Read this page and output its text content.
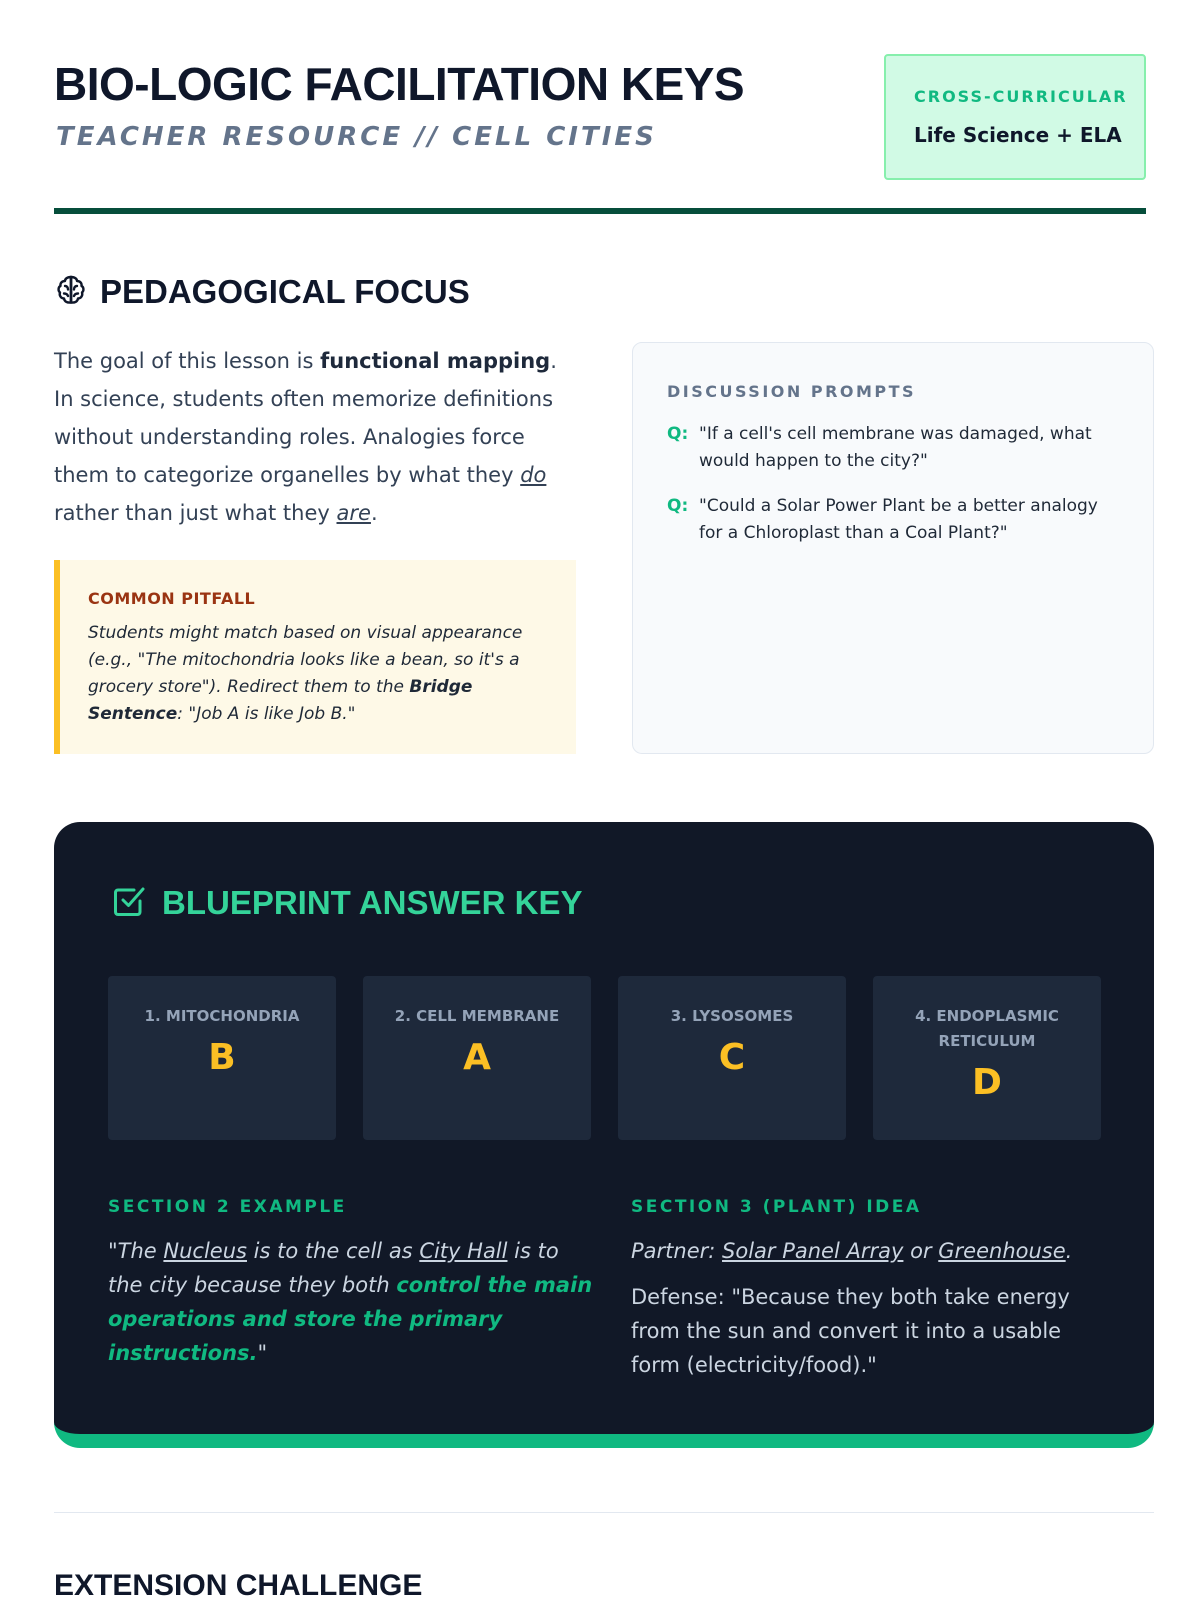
BIO-LOGIC FACILITATION KEYS
TEACHER RESOURCE // CELL CITIES
CROSS-CURRICULAR
Life Science + ELA
PEDAGOGICAL FOCUS

The goal of this lesson is functional mapping. In science, students often memorize definitions without understanding roles. Analogies force them to categorize organelles by what they do rather than just what they are.

COMMON PITFALL

Students might match based on visual appearance (e.g., "The mitochondria looks like a bean, so it's a grocery store"). Redirect them to the Bridge Sentence: "Job A is like Job B."

DISCUSSION PROMPTS
Q: "If a cell's cell membrane was damaged, what would happen to the city?"
Q: "Could a Solar Power Plant be a better analogy for a Chloroplast than a Coal Plant?"
BLUEPRINT ANSWER KEY
1. MITOCHONDRIA
B
2. CELL MEMBRANE
A
3. LYSOSOMES
C
4. ENDOPLASMIC RETICULUM
D
SECTION 2 EXAMPLE

"The Nucleus is to the cell as City Hall is to the city because they both control the main operations and store the primary instructions."

SECTION 3 (PLANT) IDEA

Partner: Solar Panel Array or Greenhouse.

Defense: "Because they both take energy from the sun and convert it into a usable form (electricity/food)."

EXTENSION CHALLENGE
